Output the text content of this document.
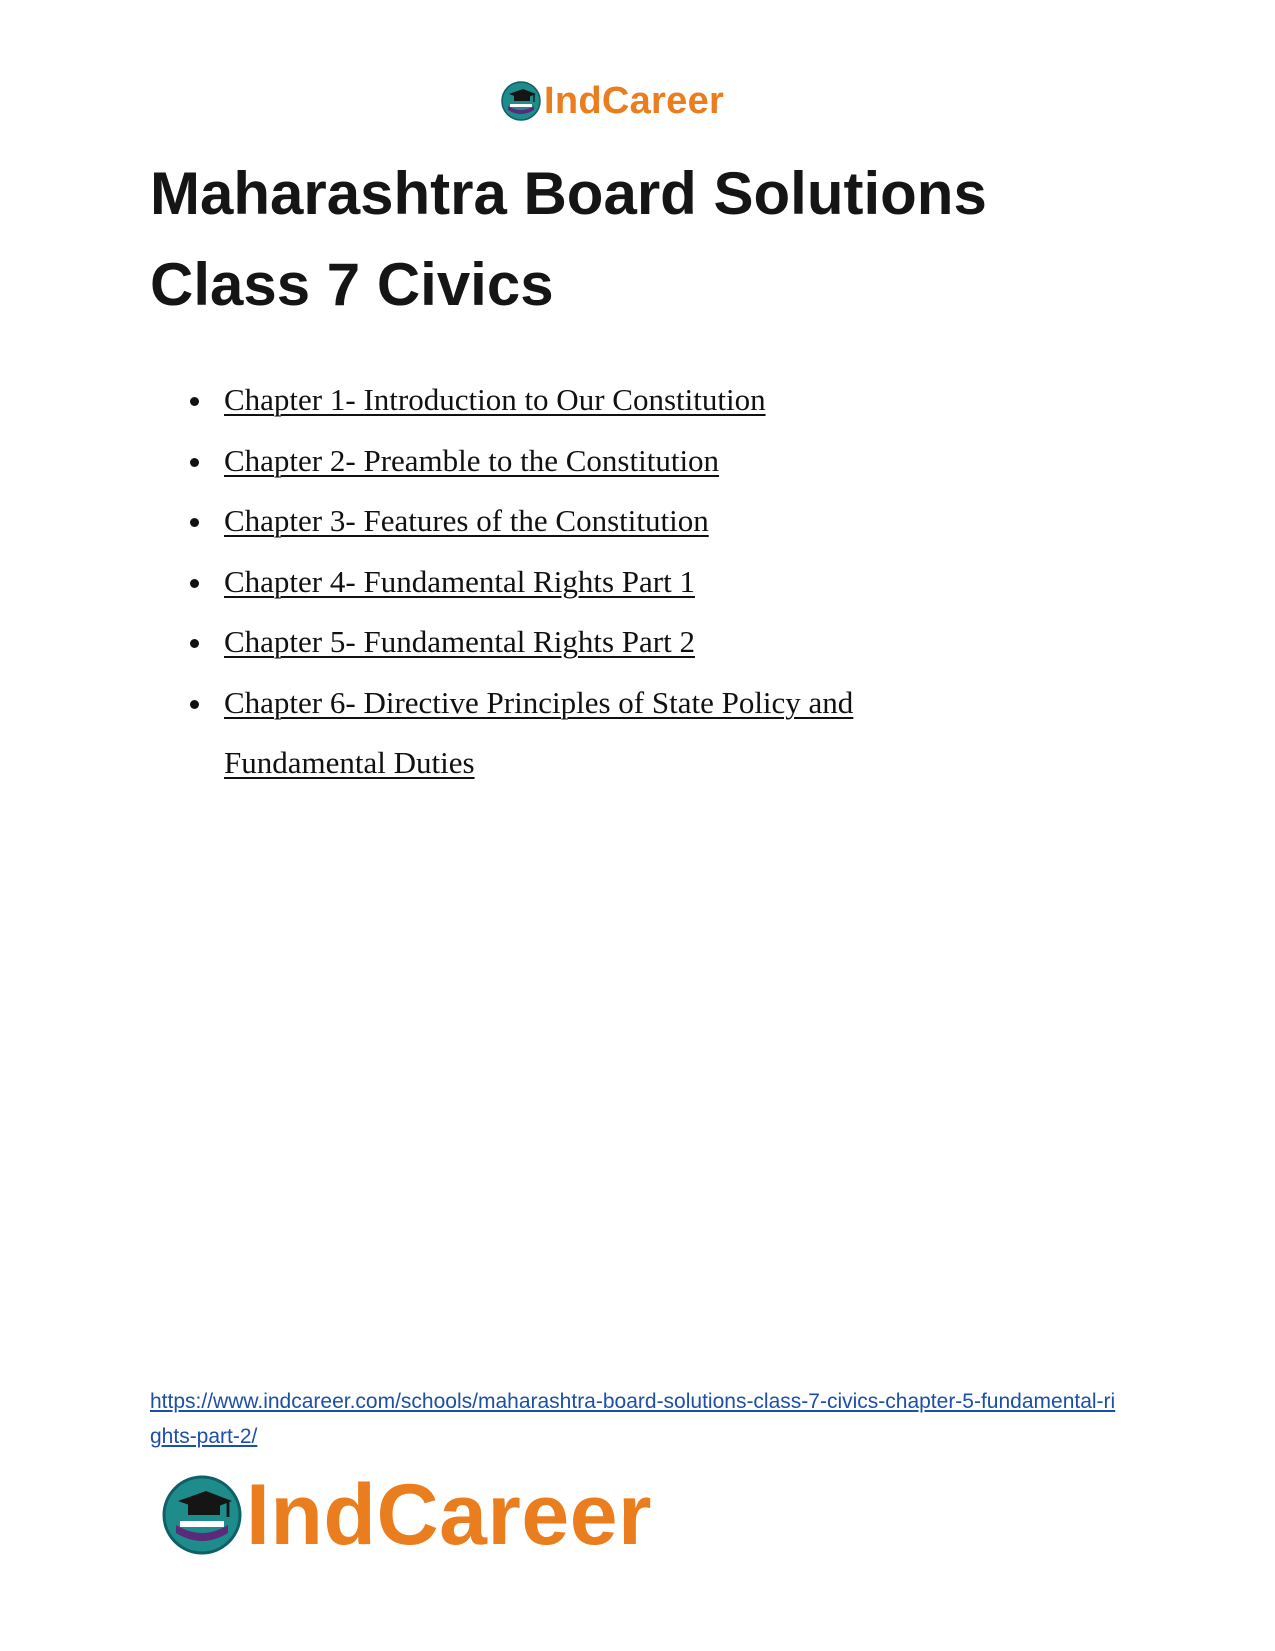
IndCareer
Maharashtra Board Solutions
Class 7 Civics
Chapter 1- Introduction to Our Constitution
Chapter 2- Preamble to the Constitution
Chapter 3- Features of the Constitution
Chapter 4- Fundamental Rights Part 1
Chapter 5- Fundamental Rights Part 2
Chapter 6- Directive Principles of State Policy and Fundamental Duties
https://www.indcareer.com/schools/maharashtra-board-solutions-class-7-civics-chapter-5-fundamental-rights-part-2/
IndCareer
